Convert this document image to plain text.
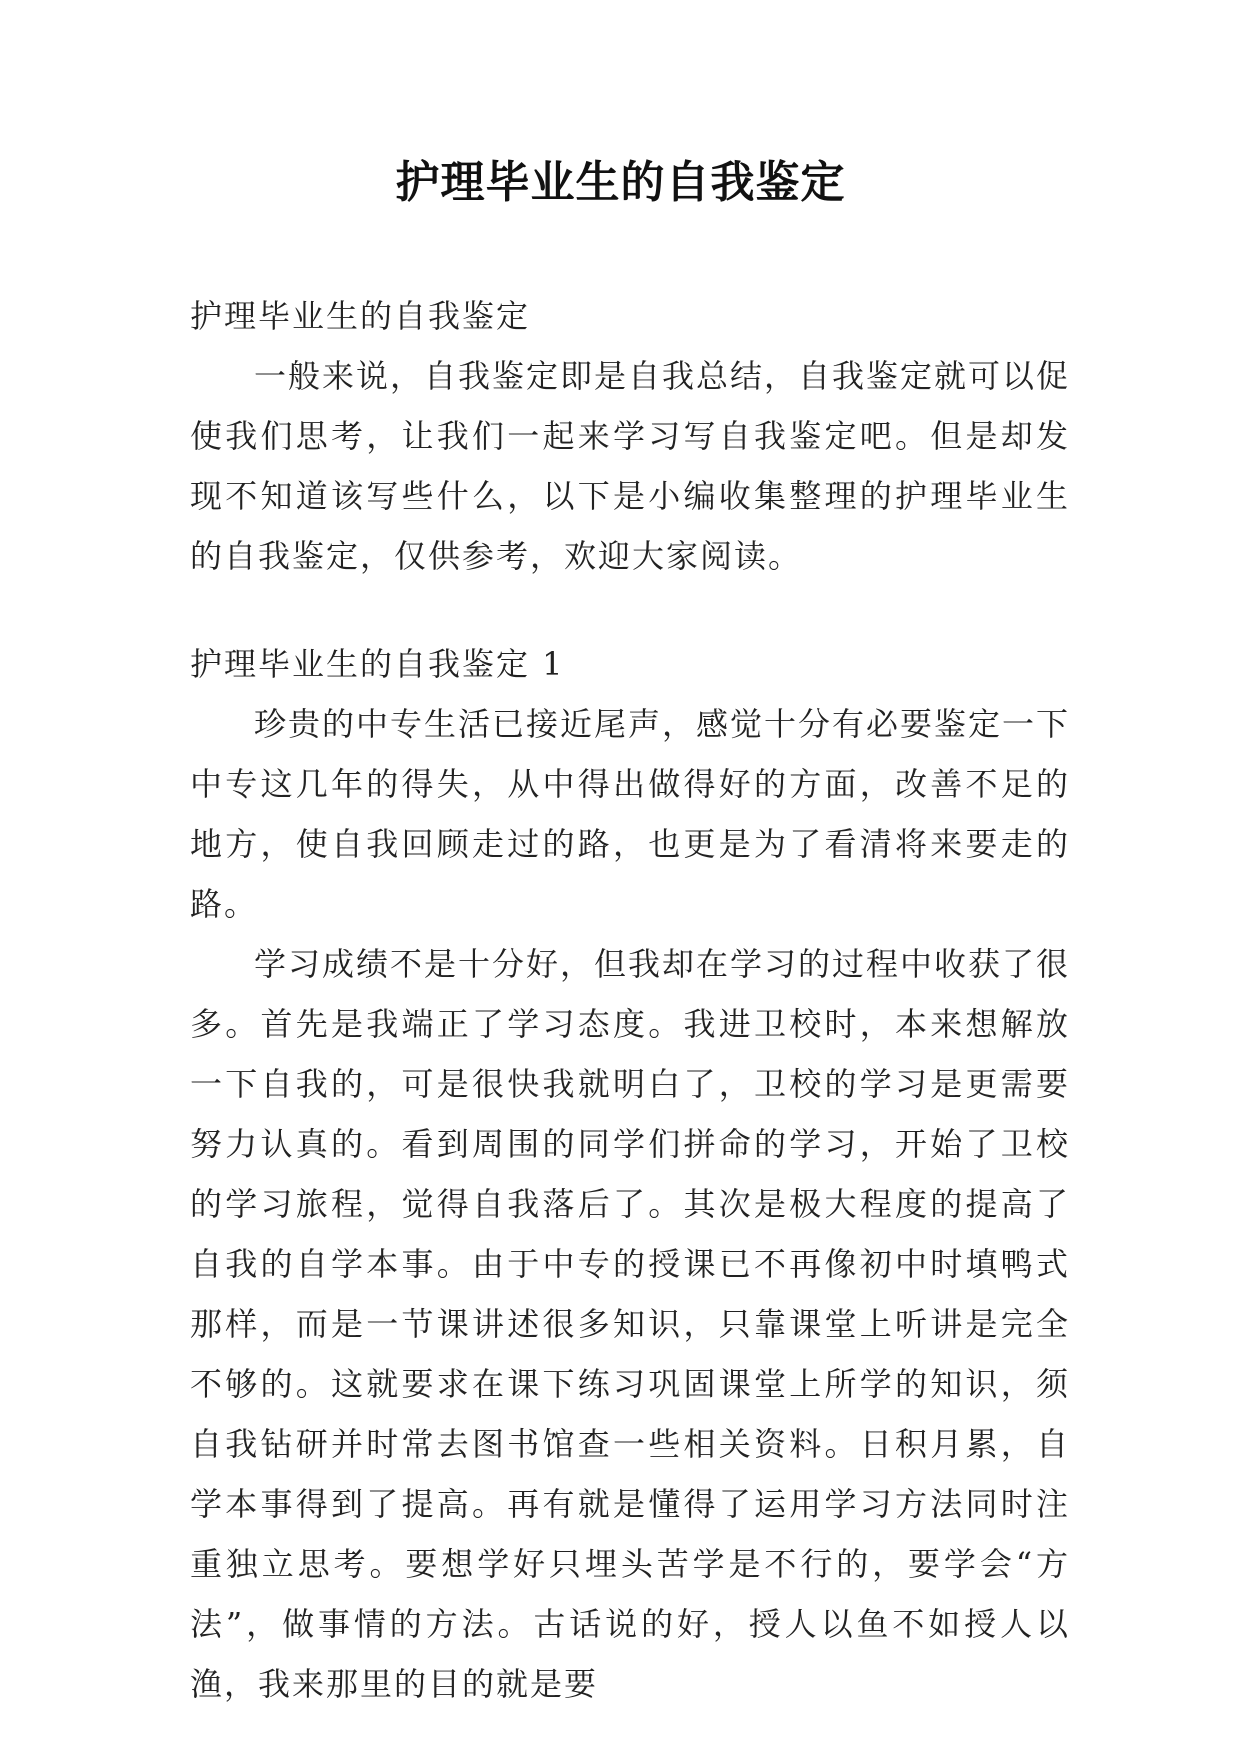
护理毕业生的自我鉴定

护理毕业生的自我鉴定

一般来说，自我鉴定即是自我总结，自我鉴定就可以促使我们思考，让我们一起来学习写自我鉴定吧。但是却发现不知道该写些什么，以下是小编收集整理的护理毕业生的自我鉴定，仅供参考，欢迎大家阅读。

护理毕业生的自我鉴定 1

珍贵的中专生活已接近尾声，感觉十分有必要鉴定一下中专这几年的得失，从中得出做得好的方面，改善不足的地方，使自我回顾走过的路，也更是为了看清将来要走的路。

学习成绩不是十分好，但我却在学习的过程中收获了很多。首先是我端正了学习态度。我进卫校时，本来想解放一下自我的，可是很快我就明白了，卫校的学习是更需要努力认真的。看到周围的同学们拼命的学习，开始了卫校的学习旅程，觉得自我落后了。其次是极大程度的提高了自我的自学本事。由于中专的授课已不再像初中时填鸭式那样，而是一节课讲述很多知识，只靠课堂上听讲是完全不够的。这就要求在课下练习巩固课堂上所学的知识，须自我钻研并时常去图书馆查一些相关资料。日积月累，自学本事得到了提高。再有就是懂得了运用学习方法同时注重独立思考。要想学好只埋头苦学是不行的，要学会“方法”，做事情的方法。古话说的好，授人以鱼不如授人以渔，我来那里的目的就是要
